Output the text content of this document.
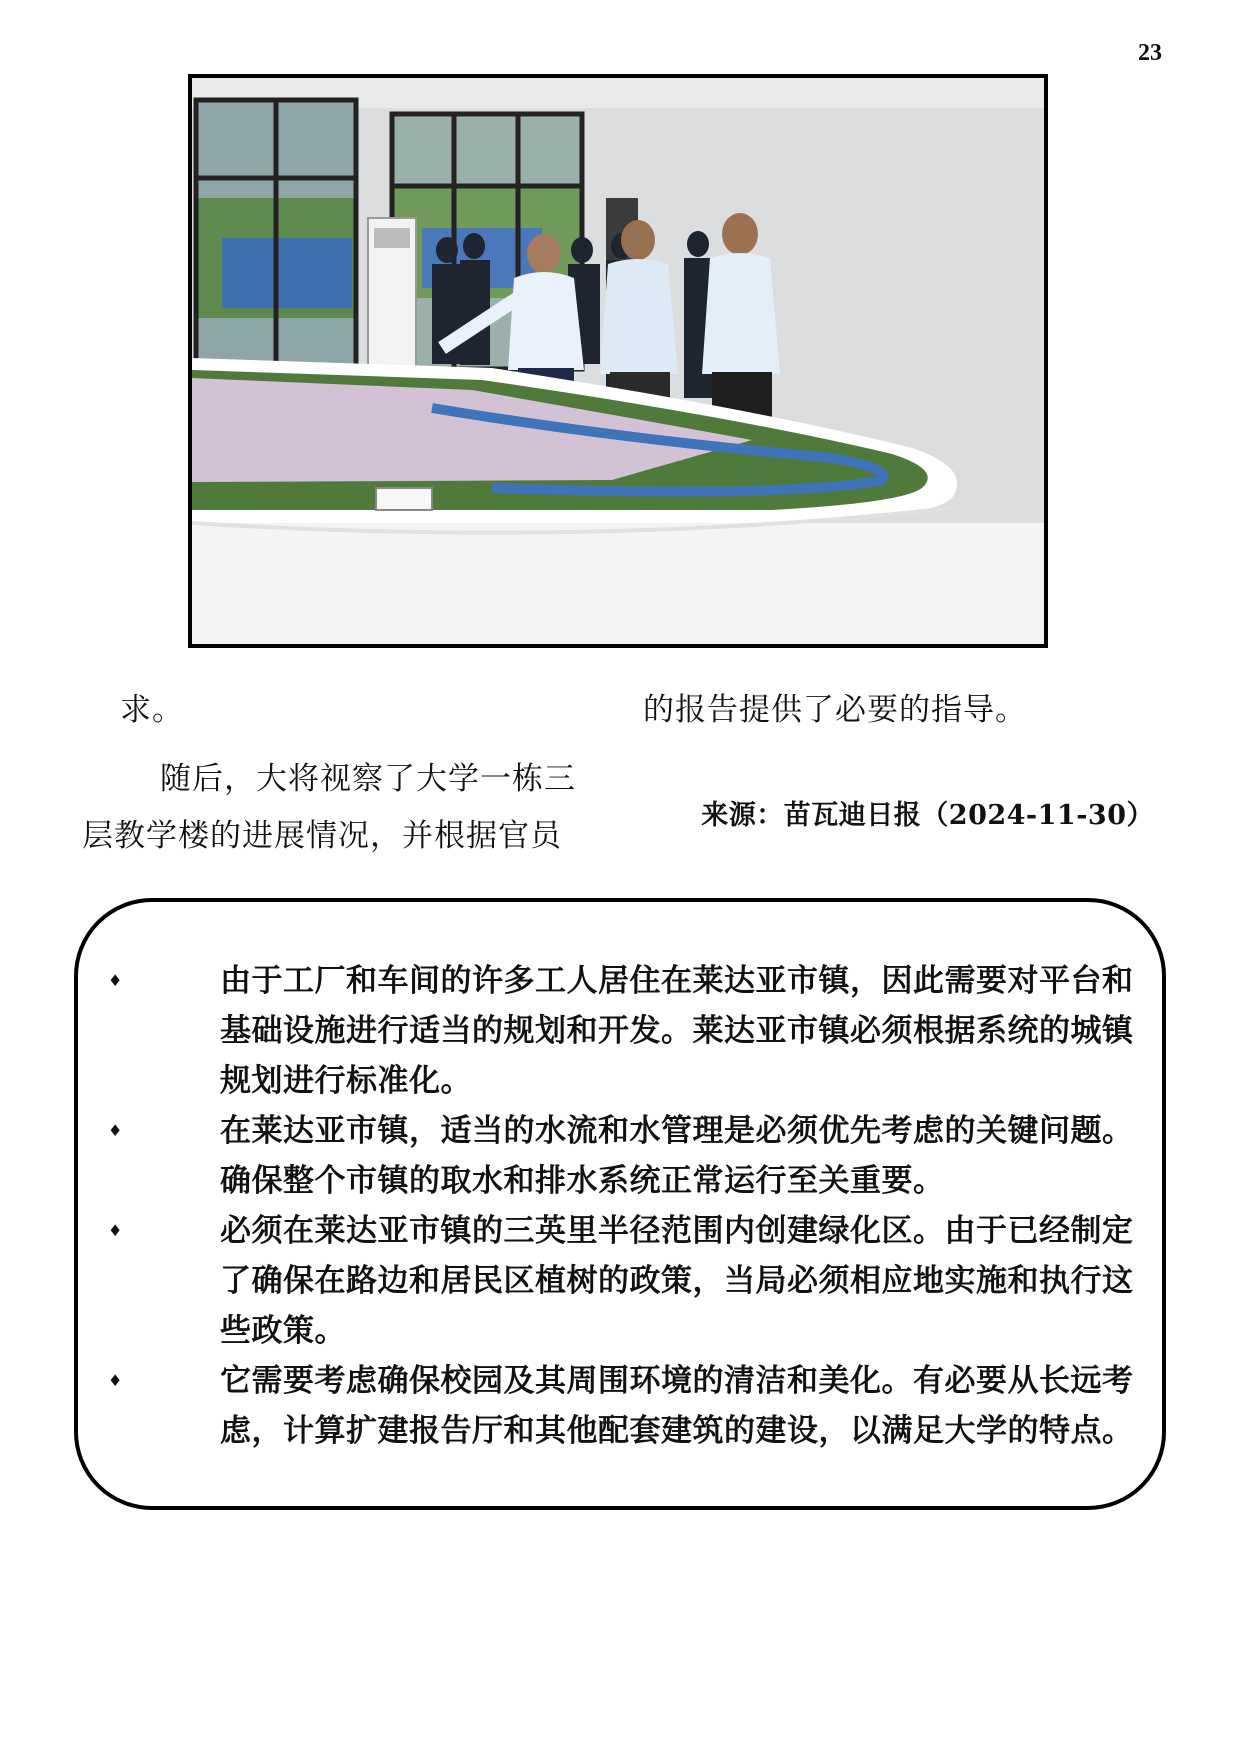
23

求。

随后，大将视察了大学一栋三层教学楼的进展情况，并根据官员

的报告提供了必要的指导。

来源：苗瓦迪日报（2024-11-30）
♦	由于工厂和车间的许多工人居住在莱达亚市镇，因此需要对平台和基础设施进行适当的规划和开发。莱达亚市镇必须根据系统的城镇规划进行标准化。
♦	在莱达亚市镇，适当的水流和水管理是必须优先考虑的关键问题。确保整个市镇的取水和排水系统正常运行至关重要。
♦	必须在莱达亚市镇的三英里半径范围内创建绿化区。由于已经制定了确保在路边和居民区植树的政策，当局必须相应地实施和执行这些政策。
♦	它需要考虑确保校园及其周围环境的清洁和美化。有必要从长远考虑，计算扩建报告厅和其他配套建筑的建设，以满足大学的特点。
